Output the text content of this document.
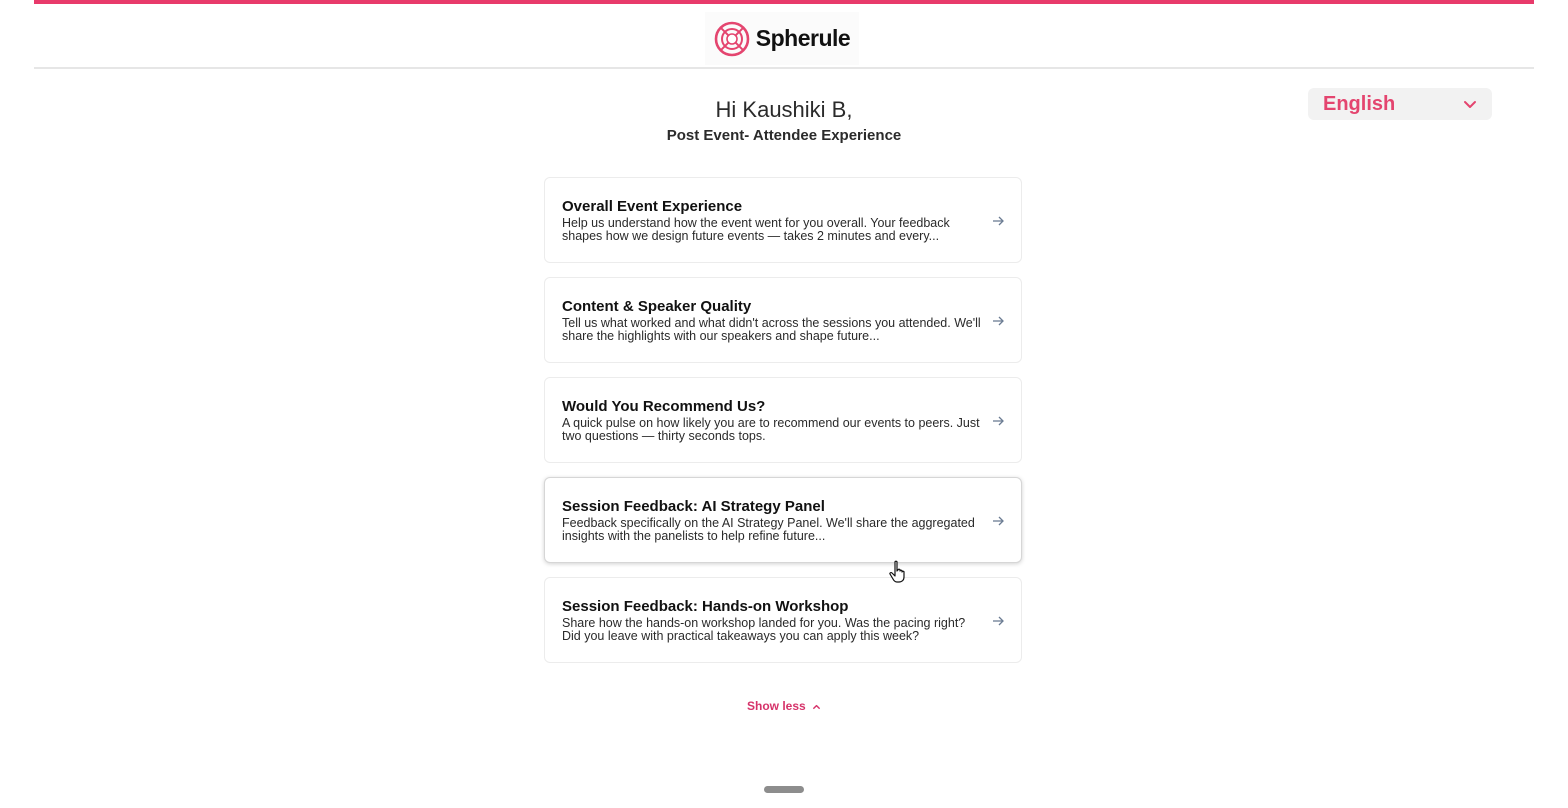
Spherule
English
Hi Kaushiki B,
Post Event- Attendee Experience
Overall Event Experience
Help us understand how the event went for you overall. Your feedback shapes how we design future events — takes 2 minutes and every...
Content & Speaker Quality
Tell us what worked and what didn't across the sessions you attended. We'll share the highlights with our speakers and shape future...
Would You Recommend Us?
A quick pulse on how likely you are to recommend our events to peers. Just two questions — thirty seconds tops.
Session Feedback: AI Strategy Panel
Feedback specifically on the AI Strategy Panel. We'll share the aggregated insights with the panelists to help refine future...
Session Feedback: Hands-on Workshop
Share how the hands-on workshop landed for you. Was the pacing right? Did you leave with practical takeaways you can apply this week?
Show less
